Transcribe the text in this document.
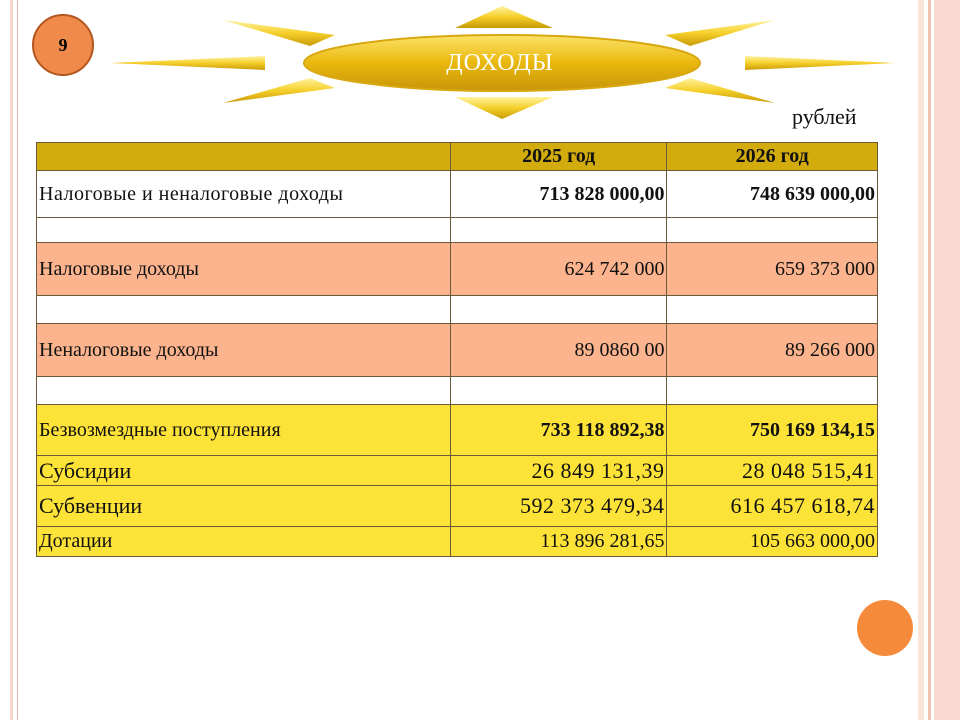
9
ДОХОДЫ
рублей
	2025 год	2026 год
Налоговые и неналоговые доходы	713 828 000,00	748 639 000,00

Налоговые доходы	624 742 000	659 373 000

Неналоговые доходы	89 0860 00	89 266 000

Безвозмездные поступления	733 118 892,38	750 169 134,15
Субсидии	26 849 131,39	28 048 515,41
Субвенции	592 373 479,34	616 457 618,74
Дотации	113 896 281,65	105 663 000,00
